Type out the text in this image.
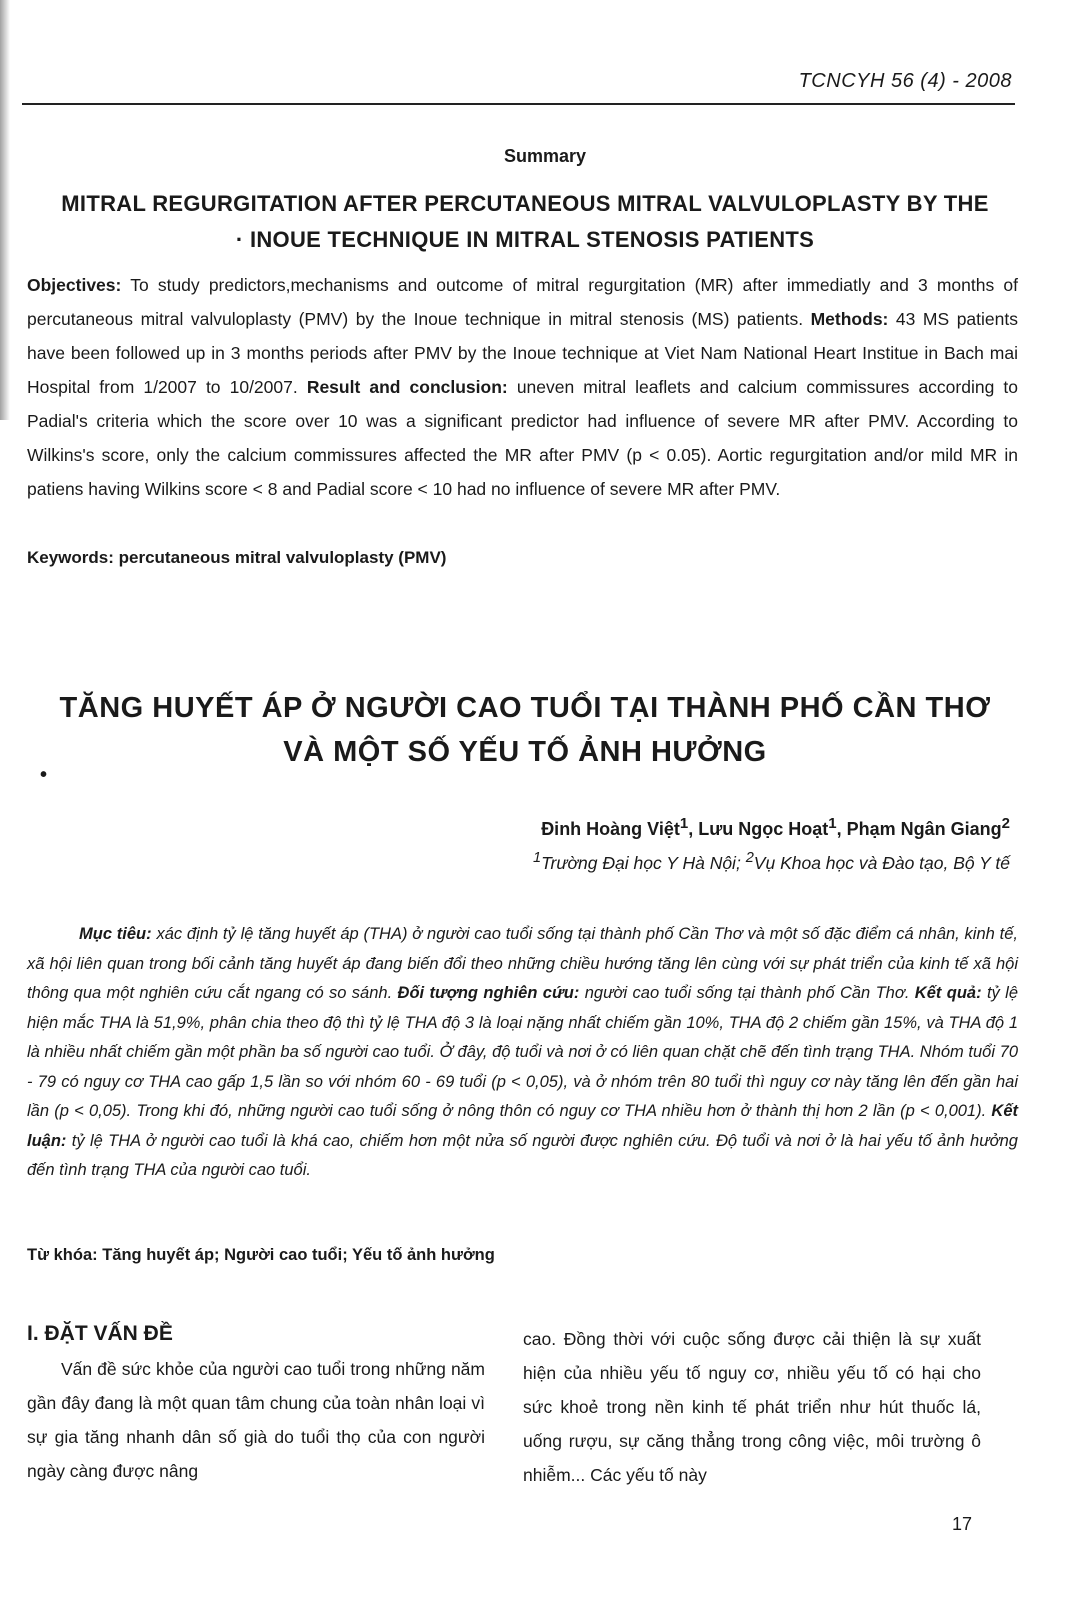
TCNCYH 56 (4) - 2008
Summary
MITRAL REGURGITATION AFTER PERCUTANEOUS MITRAL VALVULOPLASTY BY THE
· INOUE TECHNIQUE IN MITRAL STENOSIS PATIENTS
Objectives: To study predictors,mechanisms and outcome of mitral regurgitation (MR) after immediatly and 3 months of percutaneous mitral valvuloplasty (PMV) by the Inoue technique in mitral stenosis (MS) patients. Methods: 43 MS patients have been followed up in 3 months periods after PMV by the Inoue technique at Viet Nam National Heart Institue in Bach mai Hospital from 1/2007 to 10/2007. Result and conclusion: uneven mitral leaflets and calcium commissures according to Padial's criteria which the score over 10 was a significant predictor had influence of severe MR after PMV. According to Wilkins's score, only the calcium commissures affected the MR after PMV (p < 0.05). Aortic regurgitation and/or mild MR in patiens having Wilkins score < 8 and Padial score < 10 had no influence of severe MR after PMV.
Keywords: percutaneous mitral valvuloplasty (PMV)
TĂNG HUYẾT ÁP Ở NGƯỜI CAO TUỔI TẠI THÀNH PHỐ CẦN THƠ
VÀ MỘT SỐ YẾU TỐ ẢNH HƯỞNG
•
Đinh Hoàng Việt$^1$, Lưu Ngọc Hoạt$^1$, Phạm Ngân Giang$^2$
$^1$Trường Đại học Y Hà Nội; $^2$Vụ Khoa học và Đào tạo, Bộ Y tế
Mục tiêu: xác định tỷ lệ tăng huyết áp (THA) ở người cao tuổi sống tại thành phố Cần Thơ và một số đặc điểm cá nhân, kinh tế, xã hội liên quan trong bối cảnh tăng huyết áp đang biến đổi theo những chiều hướng tăng lên cùng với sự phát triển của kinh tế xã hội thông qua một nghiên cứu cắt ngang có so sánh. Đối tượng nghiên cứu: người cao tuổi sống tại thành phố Cần Thơ. Kết quả: tỷ lệ hiện mắc THA là 51,9%, phân chia theo độ thì tỷ lệ THA độ 3 là loại nặng nhất chiếm gần 10%, THA độ 2 chiếm gần 15%, và THA độ 1 là nhiều nhất chiếm gần một phần ba số người cao tuổi. Ở đây, độ tuổi và nơi ở có liên quan chặt chẽ đến tình trạng THA. Nhóm tuổi 70 - 79 có nguy cơ THA cao gấp 1,5 lần so với nhóm 60 - 69 tuổi (p < 0,05), và ở nhóm trên 80 tuổi thì nguy cơ này tăng lên đến gần hai lần (p < 0,05). Trong khi đó, những người cao tuổi sống ở nông thôn có nguy cơ THA nhiều hơn ở thành thị hơn 2 lần (p < 0,001). Kết luận: tỷ lệ THA ở người cao tuổi là khá cao, chiếm hơn một nửa số người được nghiên cứu. Độ tuổi và nơi ở là hai yếu tố ảnh hưởng đến tình trạng THA của người cao tuổi.
Từ khóa: Tăng huyết áp; Người cao tuổi; Yếu tố ảnh hưởng
I. ĐẶT VẤN ĐỀ
Vấn đề sức khỏe của người cao tuổi trong những năm gần đây đang là một quan tâm chung của toàn nhân loại vì sự gia tăng nhanh dân số già do tuổi thọ của con người ngày càng được nâng
cao. Đồng thời với cuộc sống được cải thiện là sự xuất hiện của nhiều yếu tố nguy cơ, nhiều yếu tố có hại cho sức khoẻ trong nền kinh tế phát triển như hút thuốc lá, uống rượu, sự căng thẳng trong công việc, môi trường ô nhiễm... Các yếu tố này
17
